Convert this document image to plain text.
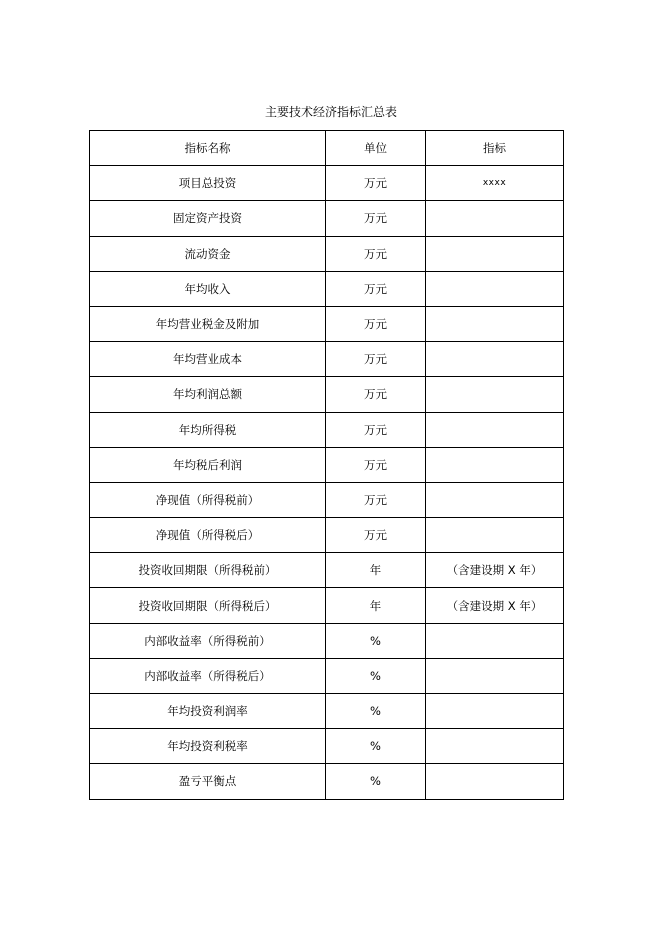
主要技术经济指标汇总表
指标名称	单位	指标
项目总投资	万元	xxxx
固定资产投资	万元	
流动资金	万元	
年均收入	万元	
年均营业税金及附加	万元	
年均营业成本	万元	
年均利润总额	万元	
年均所得税	万元	
年均税后利润	万元	
净现值（所得税前）	万元	
净现值（所得税后）	万元	
投资收回期限（所得税前）	年	（含建设期 X 年）
投资收回期限（所得税后）	年	（含建设期 X 年）
内部收益率（所得税前）	%	
内部收益率（所得税后）	%	
年均投资利润率	%	
年均投资利税率	%	
盈亏平衡点	%	
